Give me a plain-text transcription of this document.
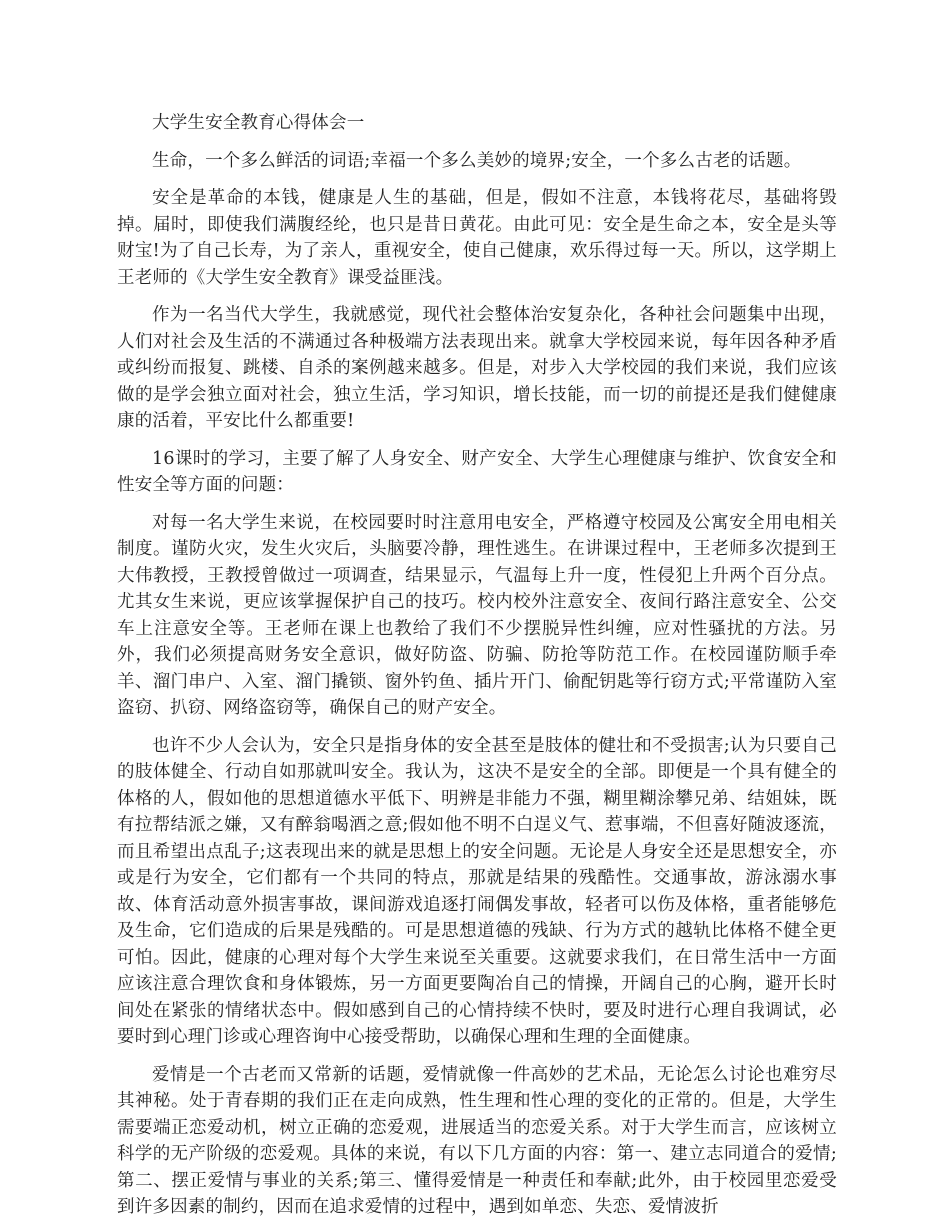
大学生安全教育心得体会一

生命，一个多么鲜活的词语;幸福一个多么美妙的境界;安全，一个多么古老的话题。

安全是革命的本钱，健康是人生的基础，但是，假如不注意，本钱将花尽，基础将毁掉。届时，即使我们满腹经纶，也只是昔日黄花。由此可见：安全是生命之本，安全是头等财宝!为了自己长寿，为了亲人，重视安全，使自己健康，欢乐得过每一天。所以，这学期上王老师的《大学生安全教育》课受益匪浅。

作为一名当代大学生，我就感觉，现代社会整体治安复杂化，各种社会问题集中出现，人们对社会及生活的不满通过各种极端方法表现出来。就拿大学校园来说，每年因各种矛盾或纠纷而报复、跳楼、自杀的案例越来越多。但是，对步入大学校园的我们来说，我们应该做的是学会独立面对社会，独立生活，学习知识，增长技能，而一切的前提还是我们健健康康的活着，平安比什么都重要!

16课时的学习，主要了解了人身安全、财产安全、大学生心理健康与维护、饮食安全和性安全等方面的问题：

对每一名大学生来说，在校园要时时注意用电安全，严格遵守校园及公寓安全用电相关制度。谨防火灾，发生火灾后，头脑要冷静，理性逃生。在讲课过程中，王老师多次提到王大伟教授，王教授曾做过一项调查，结果显示，气温每上升一度，性侵犯上升两个百分点。尤其女生来说，更应该掌握保护自己的技巧。校内校外注意安全、夜间行路注意安全、公交车上注意安全等。王老师在课上也教给了我们不少摆脱异性纠缠，应对性骚扰的方法。另外，我们必须提高财务安全意识，做好防盗、防骗、防抢等防范工作。在校园谨防顺手牵羊、溜门串户、入室、溜门撬锁、窗外钓鱼、插片开门、偷配钥匙等行窃方式;平常谨防入室盗窃、扒窃、网络盗窃等，确保自己的财产安全。

也许不少人会认为，安全只是指身体的安全甚至是肢体的健壮和不受损害;认为只要自己的肢体健全、行动自如那就叫安全。我认为，这决不是安全的全部。即便是一个具有健全的体格的人，假如他的思想道德水平低下、明辨是非能力不强，糊里糊涂攀兄弟、结姐妹，既有拉帮结派之嫌，又有醉翁喝酒之意;假如他不明不白逞义气、惹事端，不但喜好随波逐流，而且希望出点乱子;这表现出来的就是思想上的安全问题。无论是人身安全还是思想安全，亦或是行为安全，它们都有一个共同的特点，那就是结果的残酷性。交通事故，游泳溺水事故、体育活动意外损害事故，课间游戏追逐打闹偶发事故，轻者可以伤及体格，重者能够危及生命，它们造成的后果是残酷的。可是思想道德的残缺、行为方式的越轨比体格不健全更可怕。因此，健康的心理对每个大学生来说至关重要。这就要求我们，在日常生活中一方面应该注意合理饮食和身体锻炼，另一方面更要陶冶自己的情操，开阔自己的心胸，避开长时间处在紧张的情绪状态中。假如感到自己的心情持续不快时，要及时进行心理自我调试，必要时到心理门诊或心理咨询中心接受帮助，以确保心理和生理的全面健康。

爱情是一个古老而又常新的话题，爱情就像一件高妙的艺术品，无论怎么讨论也难穷尽其神秘。处于青春期的我们正在走向成熟，性生理和性心理的变化的正常的。但是，大学生需要端正恋爱动机，树立正确的恋爱观，进展适当的恋爱关系。对于大学生而言，应该树立科学的无产阶级的恋爱观。具体的来说，有以下几方面的内容：第一、建立志同道合的爱情;第二、摆正爱情与事业的关系;第三、懂得爱情是一种责任和奉献;此外，由于校园里恋爱受到许多因素的制约，因而在追求爱情的过程中，遇到如单恋、失恋、爱情波折
